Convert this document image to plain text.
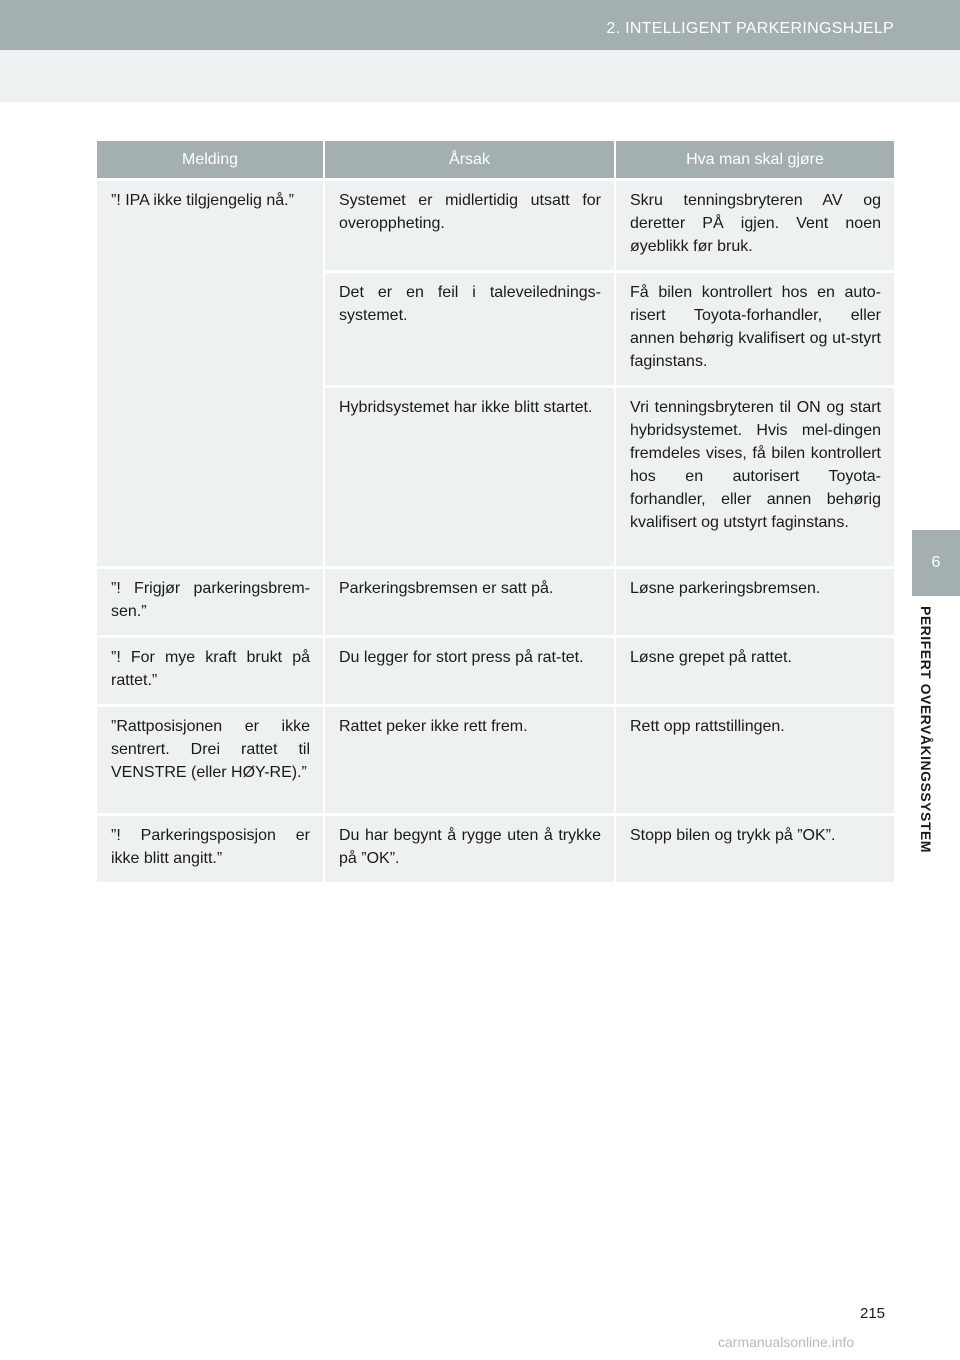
2. INTELLIGENT PARKERINGSHJELP
6
PERIFERT OVERVÅKINGSSYSTEM
Melding	Årsak	Hva man skal gjøre
”! IPA ikke tilgjengelig nå.”	Systemet er midlertidig utsatt for overoppheting.	Skru tenningsbryteren AV og deretter PÅ igjen. Vent noen øyeblikk før bruk.
	Det er en feil i taleveilednings-systemet.	Få bilen kontrollert hos en auto-risert Toyota-forhandler, eller annen behørig kvalifisert og ut-styrt faginstans.
	Hybridsystemet har ikke blitt startet.	Vri tenningsbryteren til ON og start hybridsystemet. Hvis mel-dingen fremdeles vises, få bilen kontrollert hos en autorisert Toyota-forhandler, eller annen behørig kvalifisert og utstyrt faginstans.
”! Frigjør parkeringsbrem-sen.”	Parkeringsbremsen er satt på.	Løsne parkeringsbremsen.
”! For mye kraft brukt på rattet.”	Du legger for stort press på rat-tet.	Løsne grepet på rattet.
”Rattposisjonen er ikke sentrert. Drei rattet til VENSTRE (eller HØY-RE).”	Rattet peker ikke rett frem.	Rett opp rattstillingen.
”! Parkeringsposisjon er ikke blitt angitt.”	Du har begynt å rygge uten å trykke på ”OK”.	Stopp bilen og trykk på ”OK”.
215
carmanualsonline.info
